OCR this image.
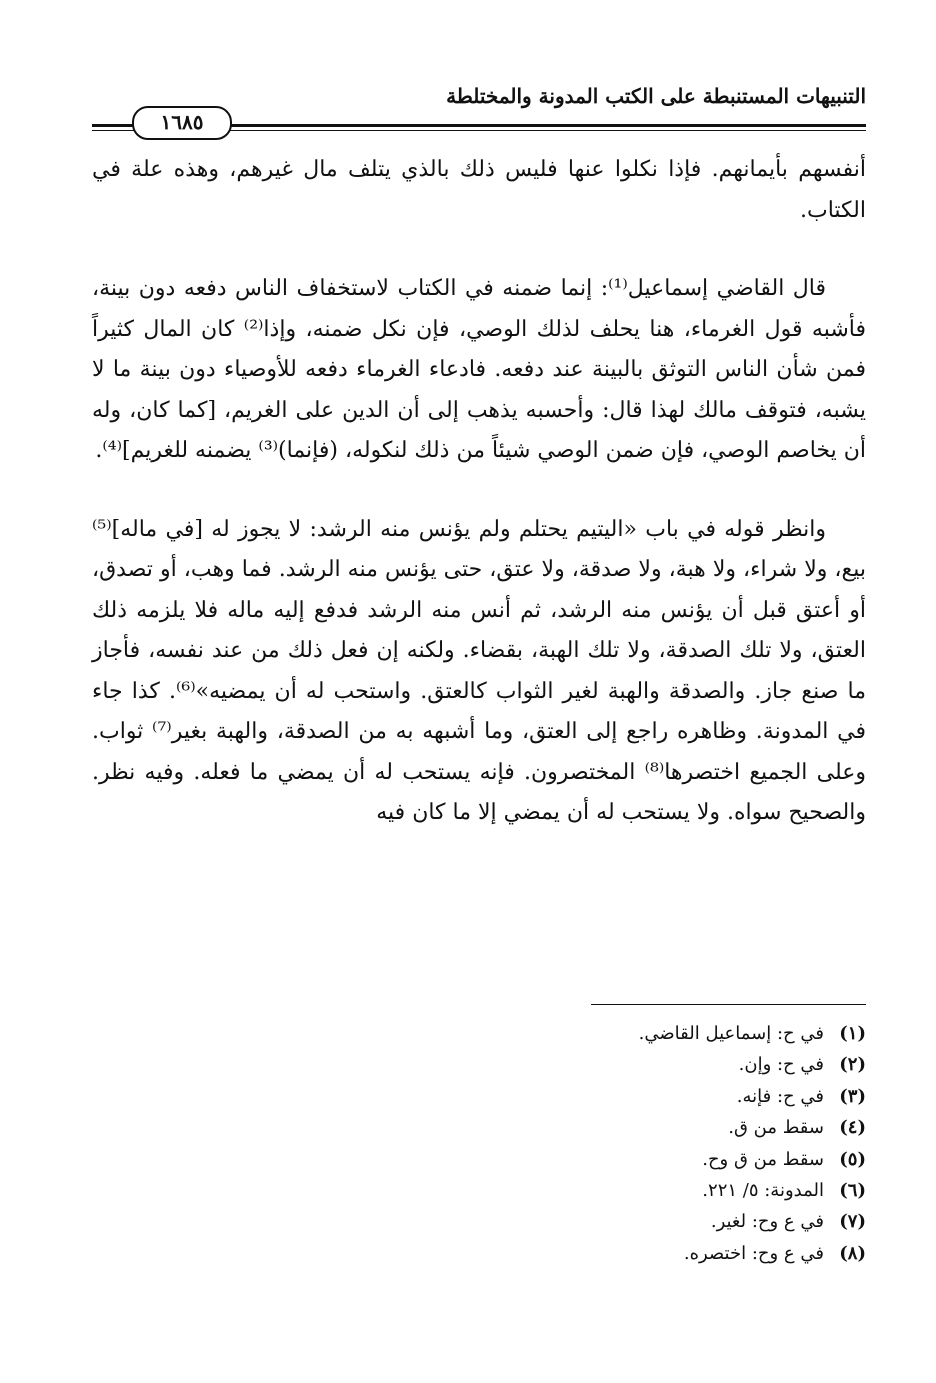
التنبيهات المستنبطة على الكتب المدونة والمختلطة
١٦٨٥

أنفسهم بأيمانهم. فإذا نكلوا عنها فليس ذلك بالذي يتلف مال غيرهم، وهذه علة في الكتاب.

قال القاضي إسماعيل⁽¹⁾: إنما ضمنه في الكتاب لاستخفاف الناس دفعه دون بينة، فأشبه قول الغرماء، هنا يحلف لذلك الوصي، فإن نكل ضمنه، وإذا⁽²⁾ كان المال كثيراً فمن شأن الناس التوثق بالبينة عند دفعه. فادعاء الغرماء دفعه للأوصياء دون بينة ما لا يشبه، فتوقف مالك لهذا قال: وأحسبه يذهب إلى أن الدين على الغريم، [كما كان، وله أن يخاصم الوصي، فإن ضمن الوصي شيئاً من ذلك لنكوله، (فإنما)⁽³⁾ يضمنه للغريم]⁽⁴⁾.

وانظر قوله في باب «اليتيم يحتلم ولم يؤنس منه الرشد: لا يجوز له [في ماله]⁽⁵⁾ بيع، ولا شراء، ولا هبة، ولا صدقة، ولا عتق، حتى يؤنس منه الرشد. فما وهب، أو تصدق، أو أعتق قبل أن يؤنس منه الرشد، ثم أنس منه الرشد فدفع إليه ماله فلا يلزمه ذلك العتق، ولا تلك الصدقة، ولا تلك الهبة، بقضاء. ولكنه إن فعل ذلك من عند نفسه، فأجاز ما صنع جاز. والصدقة والهبة لغير الثواب كالعتق. واستحب له أن يمضيه»⁽⁶⁾. كذا جاء في المدونة. وظاهره راجع إلى العتق، وما أشبهه به من الصدقة، والهبة بغير⁽⁷⁾ ثواب. وعلى الجميع اختصرها⁽⁸⁾ المختصرون. فإنه يستحب له أن يمضي ما فعله. وفيه نظر. والصحيح سواه. ولا يستحب له أن يمضي إلا ما كان فيه

(١)
في ح: إسماعيل القاضي.
(٢)
في ح: وإن.
(٣)
في ح: فإنه.
(٤)
سقط من ق.
(٥)
سقط من ق وح.
(٦)
المدونة: ٥/ ٢٢١.
(٧)
في ع وح: لغير.
(٨)
في ع وح: اختصره.
